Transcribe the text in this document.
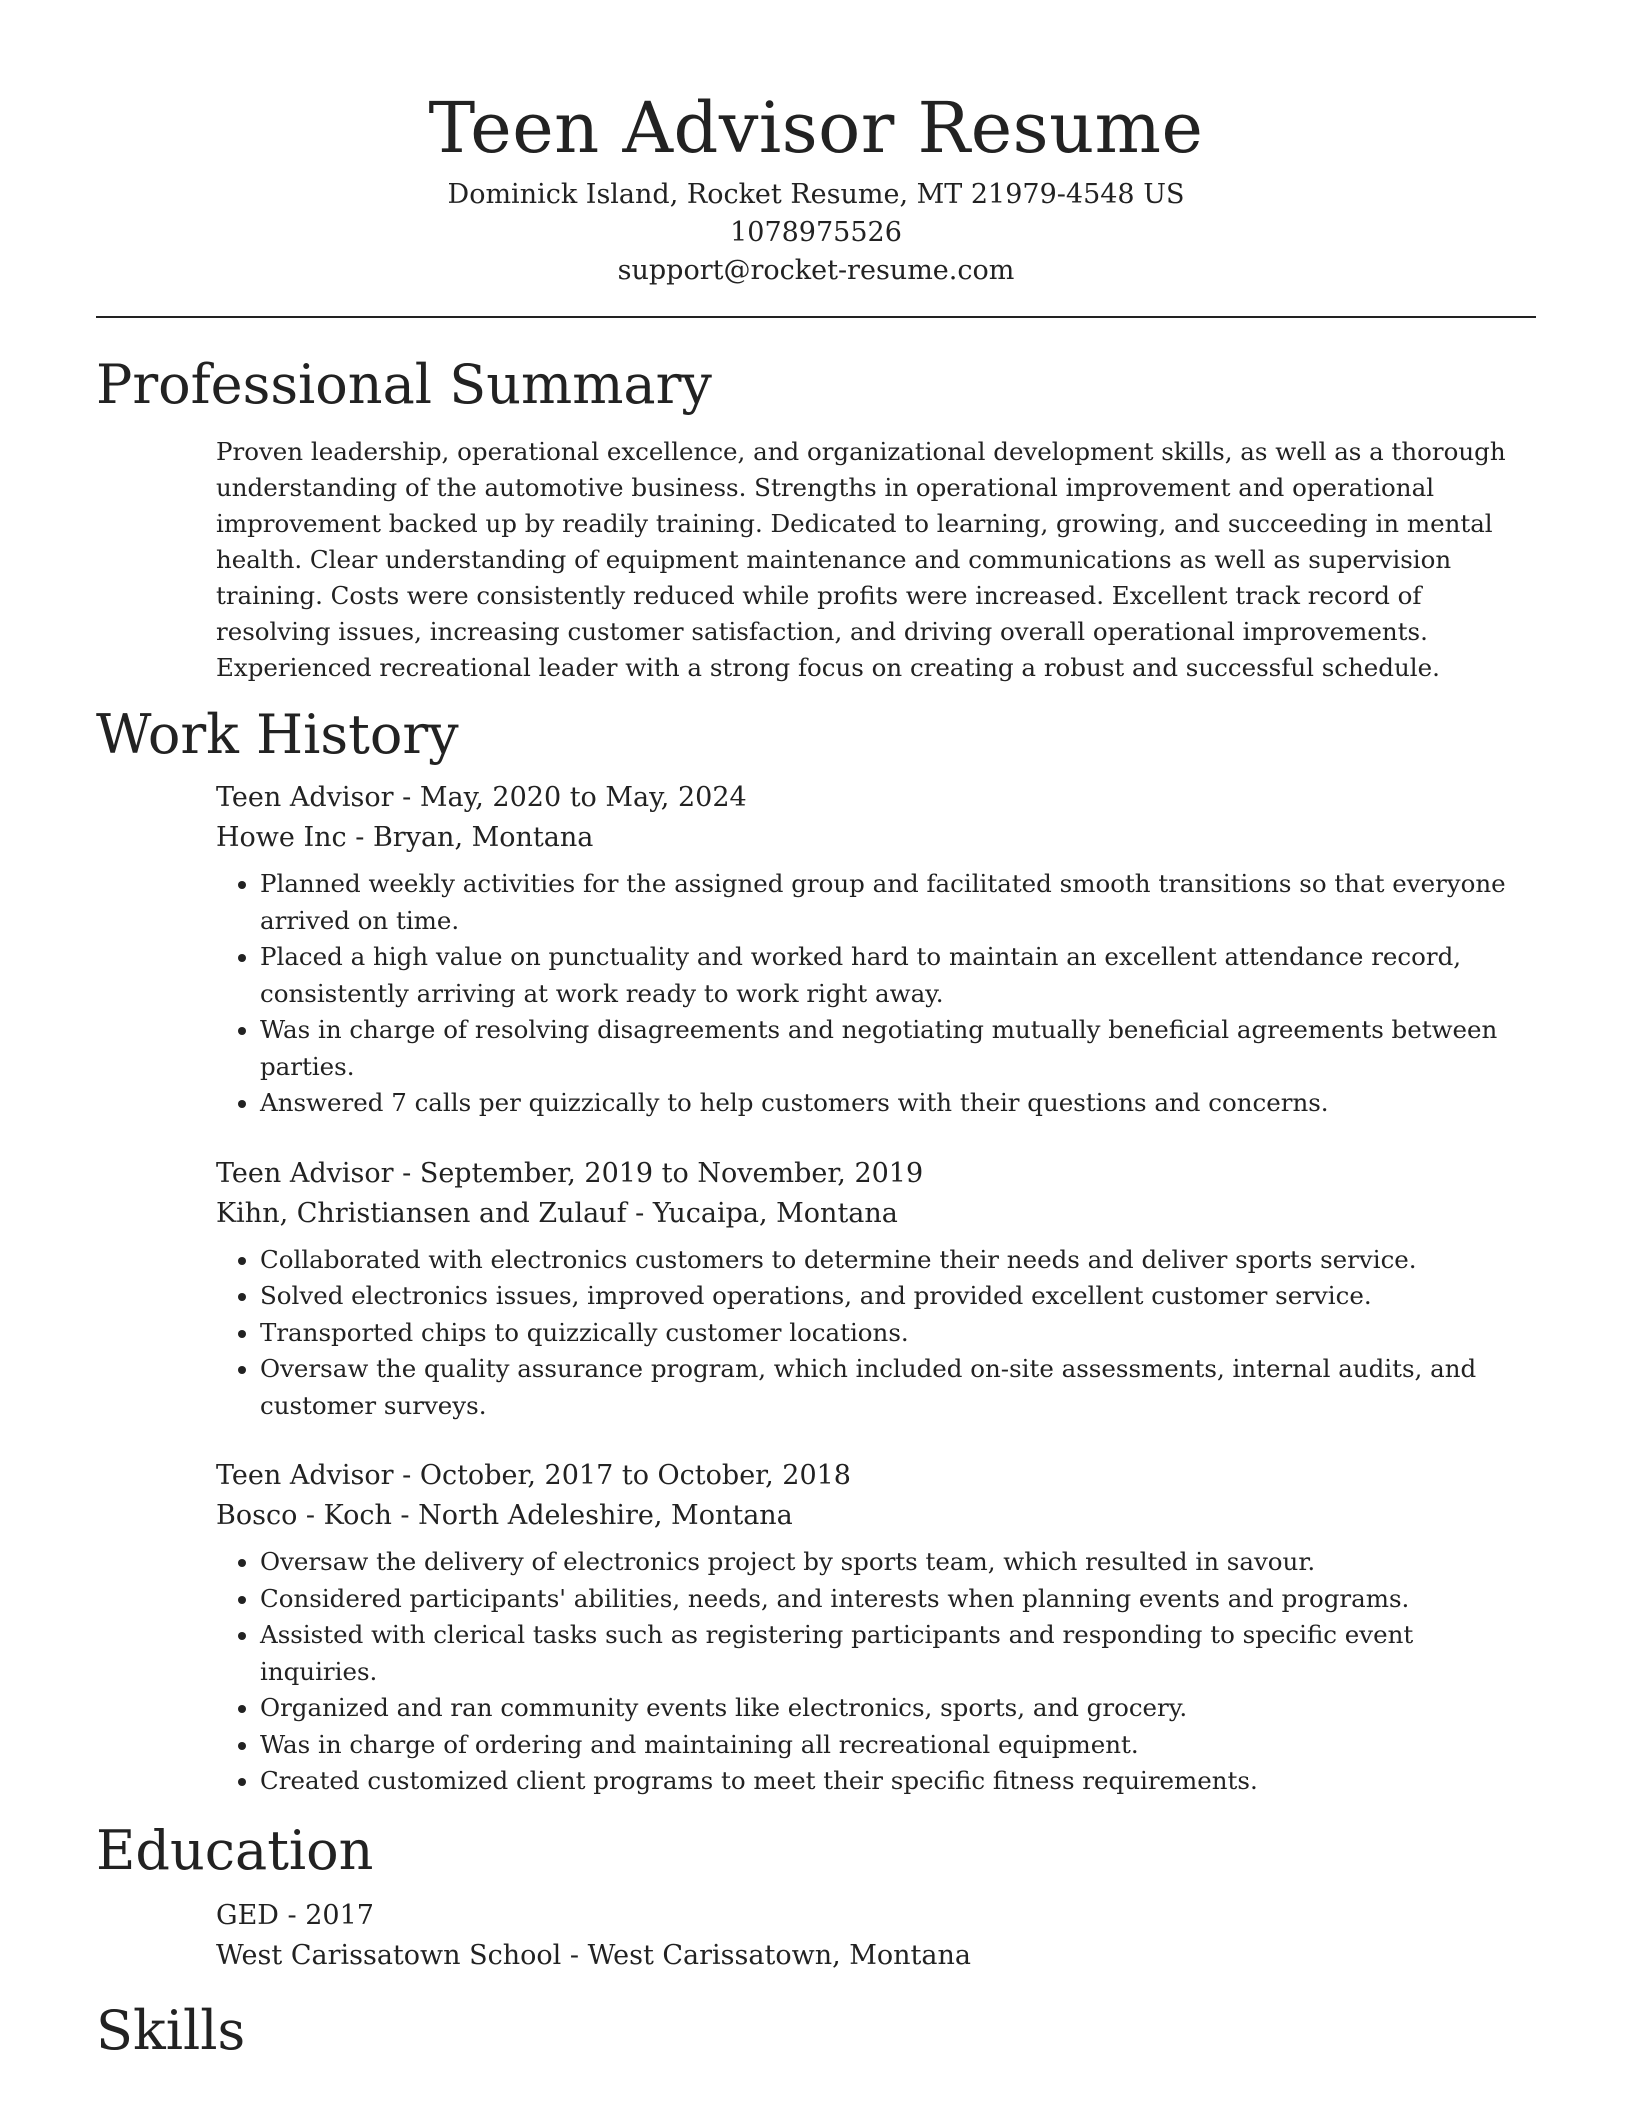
Teen Advisor Resume
Dominick Island, Rocket Resume, MT 21979-4548 US
1078975526
support@rocket-resume.com
Professional Summary

Proven leadership, operational excellence, and organizational development skills, as well as a thorough understanding of the automotive business. Strengths in operational improvement and operational improvement backed up by readily training. Dedicated to learning, growing, and succeeding in mental health. Clear understanding of equipment maintenance and communications as well as supervision training. Costs were consistently reduced while profits were increased. Excellent track record of resolving issues, increasing customer satisfaction, and driving overall operational improvements. Experienced recreational leader with a strong focus on creating a robust and successful schedule.

Work History
Teen Advisor - May, 2020 to May, 2024
Howe Inc - Bryan, Montana
• Planned weekly activities for the assigned group and facilitated smooth transitions so that everyone arrived on time.
• Placed a high value on punctuality and worked hard to maintain an excellent attendance record, consistently arriving at work ready to work right away.
• Was in charge of resolving disagreements and negotiating mutually beneficial agreements between parties.
• Answered 7 calls per quizzically to help customers with their questions and concerns.
Teen Advisor - September, 2019 to November, 2019
Kihn, Christiansen and Zulauf - Yucaipa, Montana
• Collaborated with electronics customers to determine their needs and deliver sports service.
• Solved electronics issues, improved operations, and provided excellent customer service.
• Transported chips to quizzically customer locations.
• Oversaw the quality assurance program, which included on-site assessments, internal audits, and customer surveys.
Teen Advisor - October, 2017 to October, 2018
Bosco - Koch - North Adeleshire, Montana
• Oversaw the delivery of electronics project by sports team, which resulted in savour.
• Considered participants' abilities, needs, and interests when planning events and programs.
• Assisted with clerical tasks such as registering participants and responding to specific event inquiries.
• Organized and ran community events like electronics, sports, and grocery.
• Was in charge of ordering and maintaining all recreational equipment.
• Created customized client programs to meet their specific fitness requirements.
Education
GED - 2017
West Carissatown School - West Carissatown, Montana
Skills
